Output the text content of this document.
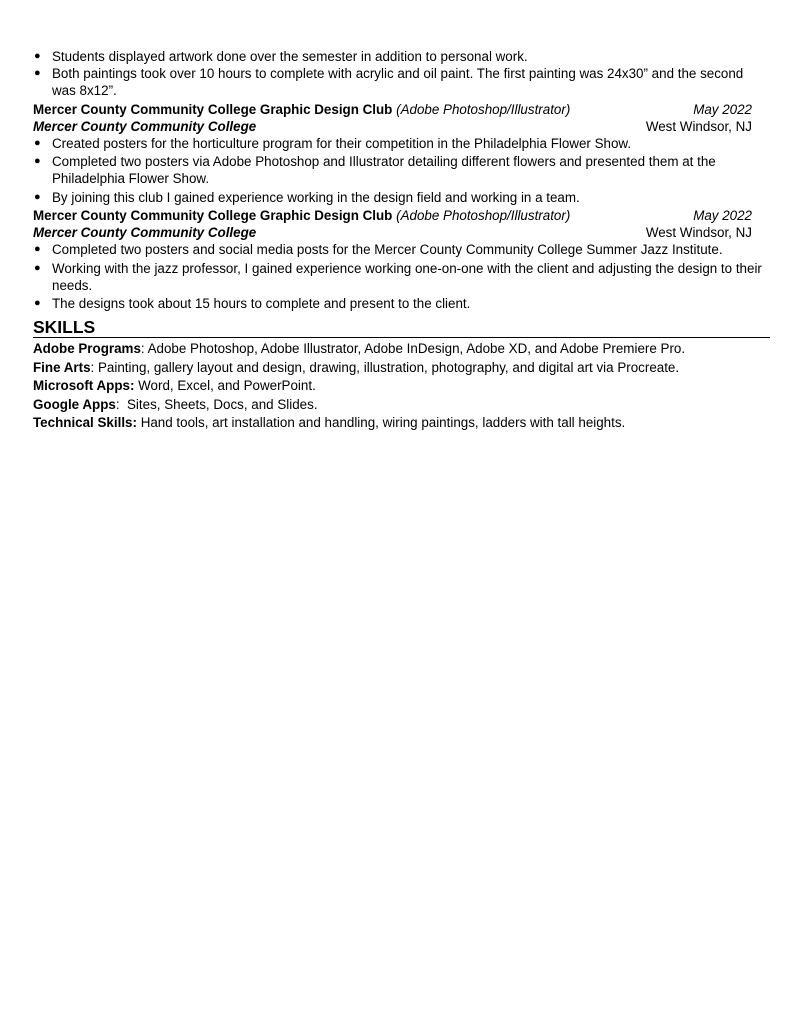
● Students displayed artwork done over the semester in addition to personal work.
● Both paintings took over 10 hours to complete with acrylic and oil paint. The first painting was 24x30” and the second was 8x12”.
Mercer County Community College Graphic Design Club (Adobe Photoshop/Illustrator)	May 2022
Mercer County Community College	West Windsor, NJ
● Created posters for the horticulture program for their competition in the Philadelphia Flower Show.
● Completed two posters via Adobe Photoshop and Illustrator detailing different flowers and presented them at the Philadelphia Flower Show.
● By joining this club I gained experience working in the design field and working in a team.
Mercer County Community College Graphic Design Club (Adobe Photoshop/Illustrator)	May 2022
Mercer County Community College	West Windsor, NJ
● Completed two posters and social media posts for the Mercer County Community College Summer Jazz Institute.
● Working with the jazz professor, I gained experience working one-on-one with the client and adjusting the design to their needs.
● The designs took about 15 hours to complete and present to the client.
SKILLS
Adobe Programs: Adobe Photoshop, Adobe Illustrator, Adobe InDesign, Adobe XD, and Adobe Premiere Pro.
Fine Arts: Painting, gallery layout and design, drawing, illustration, photography, and digital art via Procreate.
Microsoft Apps: Word, Excel, and PowerPoint.
Google Apps:  Sites, Sheets, Docs, and Slides.
Technical Skills: Hand tools, art installation and handling, wiring paintings, ladders with tall heights.
